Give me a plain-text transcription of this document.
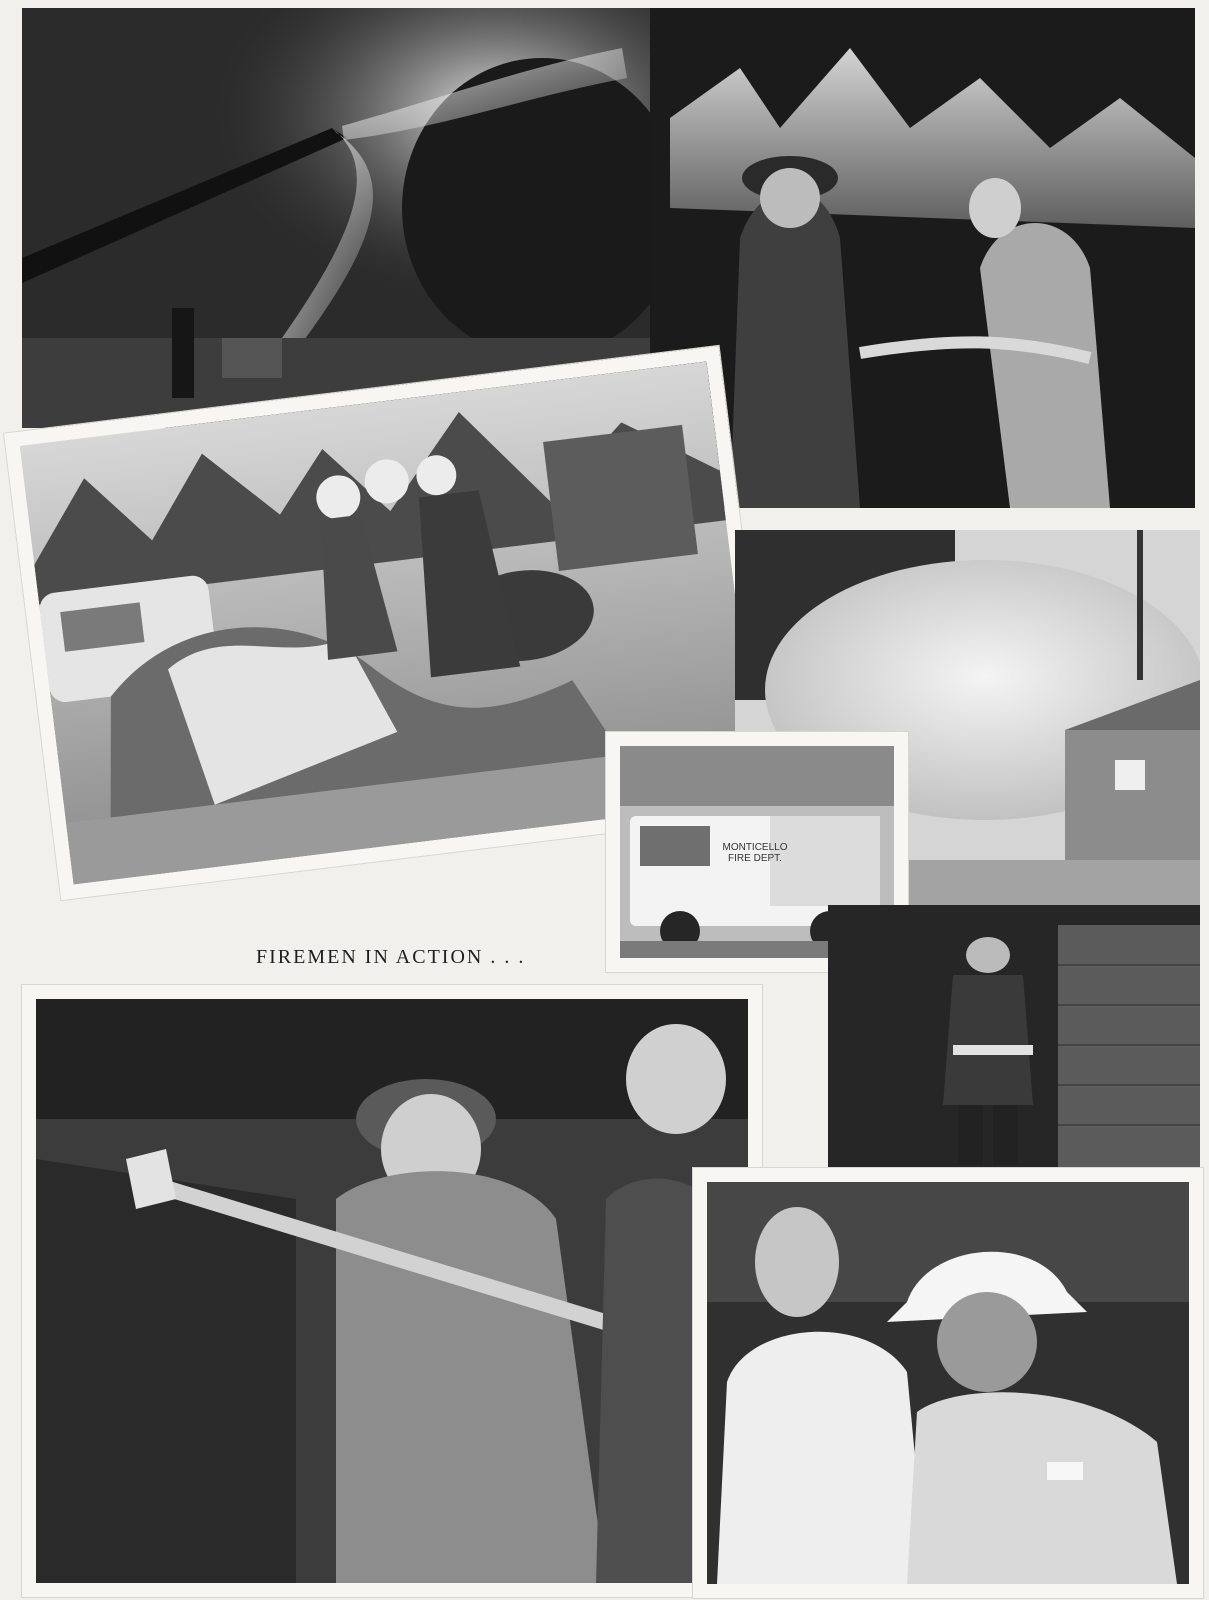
MONTICELLO FIRE DEPT.
FIREMEN IN ACTION . . .
